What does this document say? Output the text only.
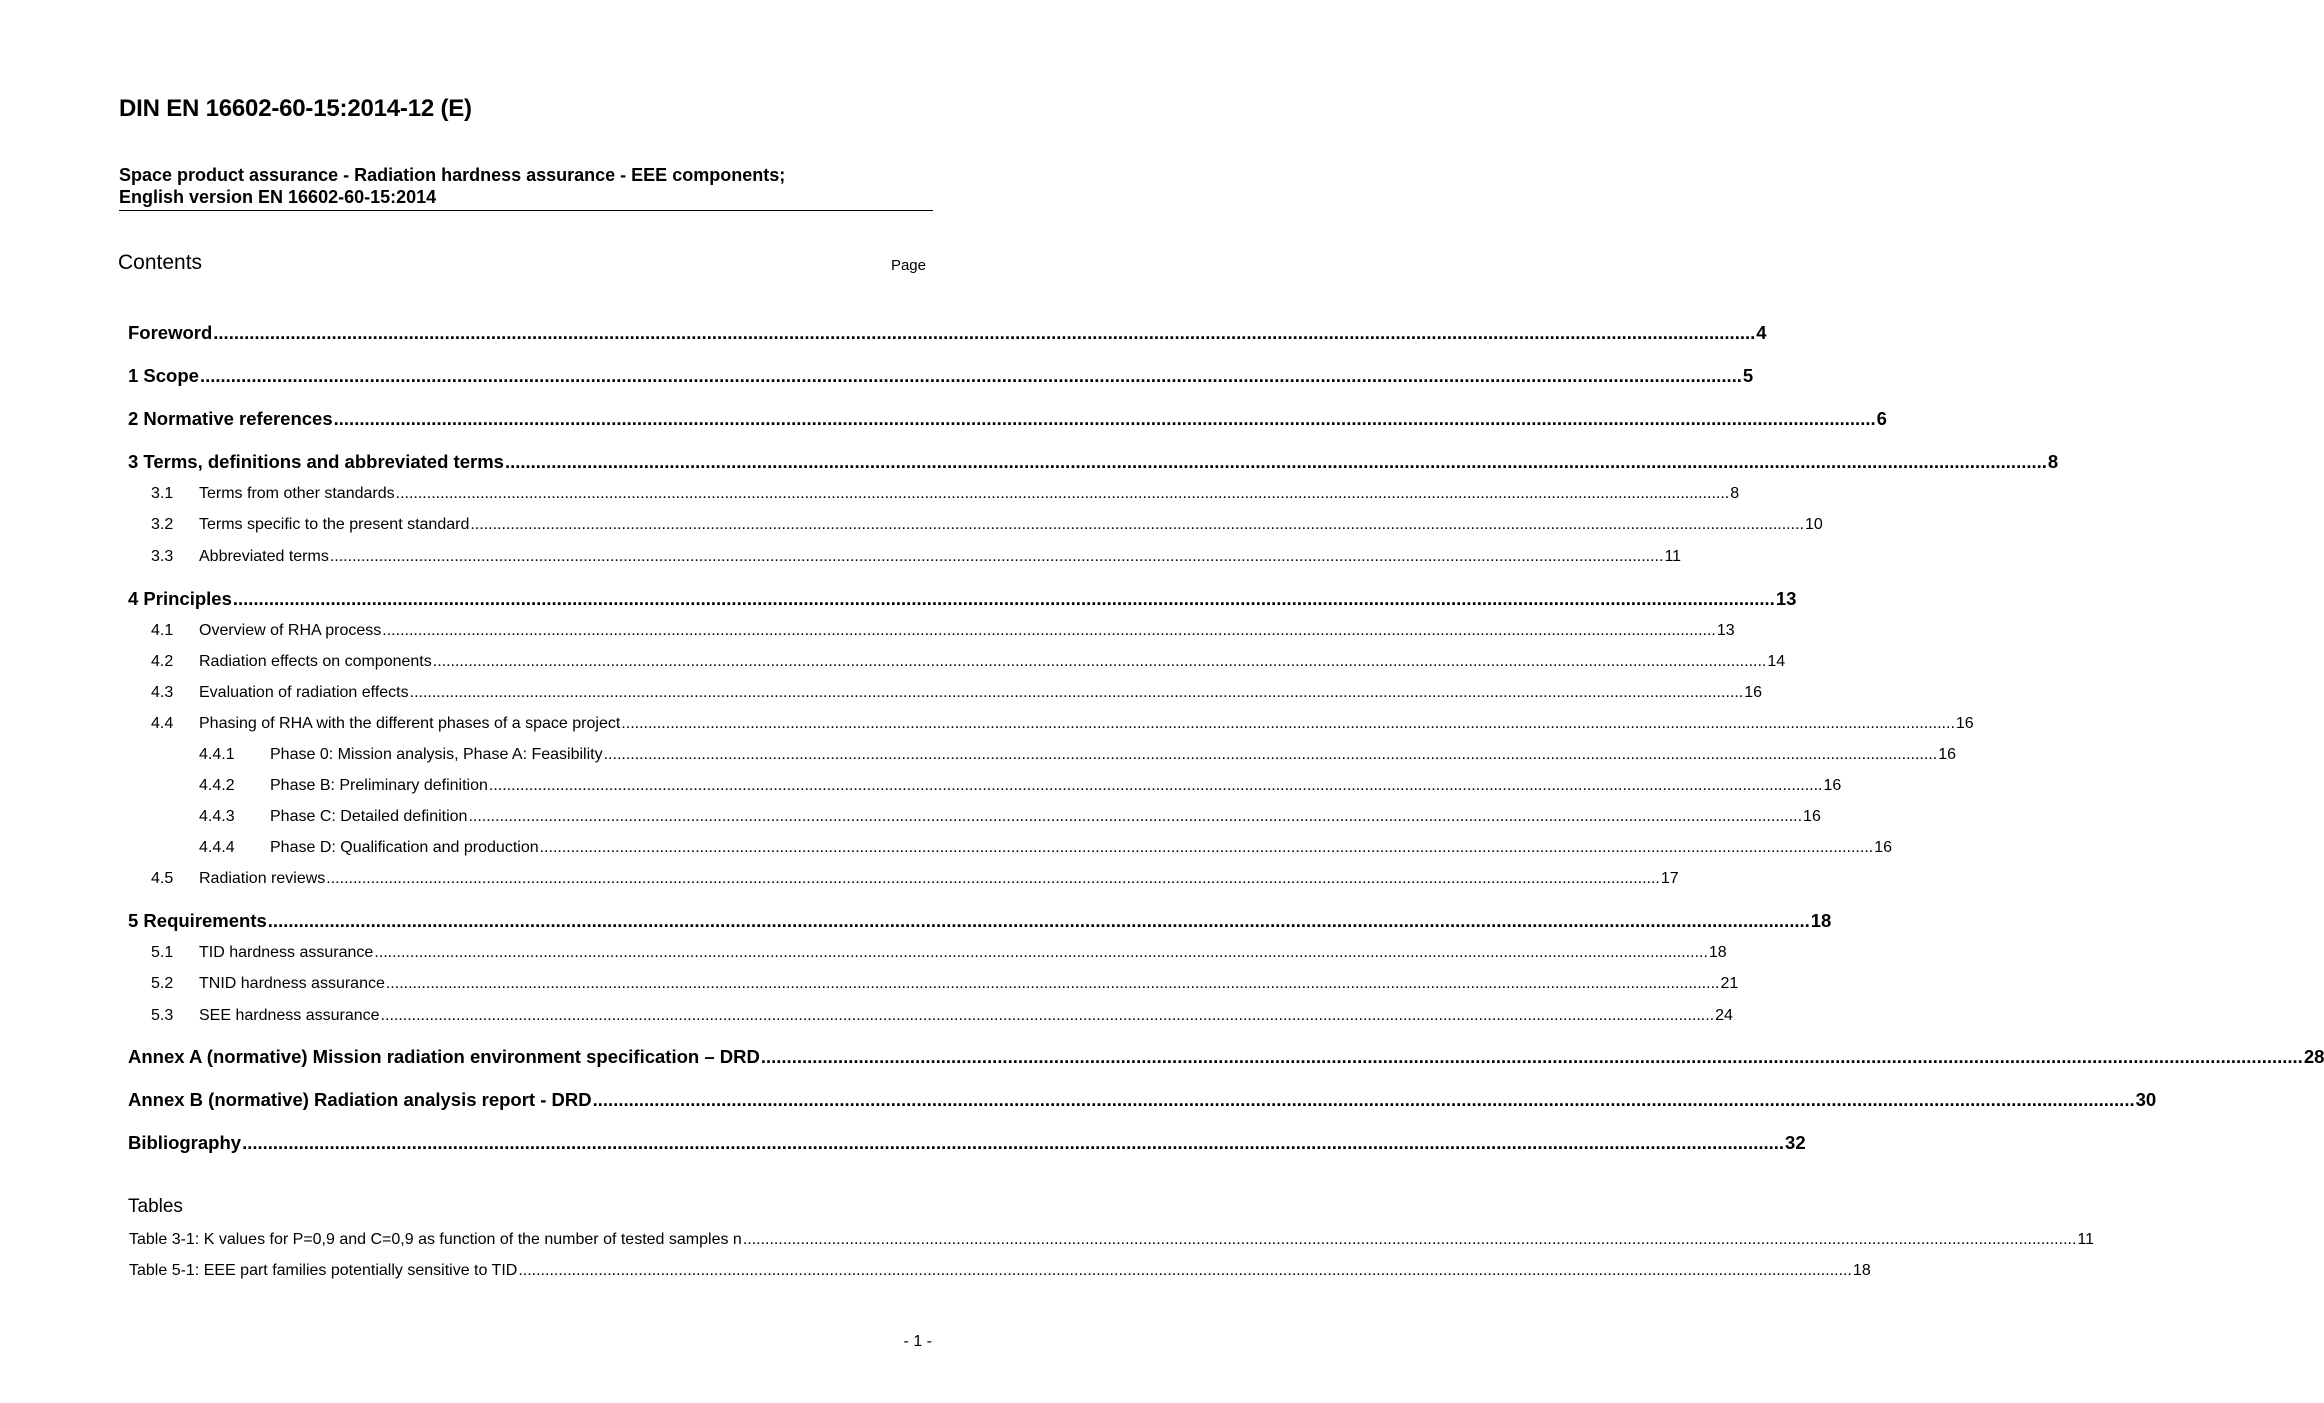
DIN EN 16602-60-15:2014-12 (E)
Space product assurance - Radiation hardness assurance - EEE components;
English version EN 16602-60-15:2014
Contents	Page
Foreword ............................................................................................................................................................................................................................................................................................................ 4
1 Scope ............................................................................................................................................................................................................................................................................................................ 5
2 Normative references ............................................................................................................................................................................................................................................................................................................ 6
3 Terms, definitions and abbreviated terms ............................................................................................................................................................................................................................................................................................................ 8
3.1	Terms from other standards ............................................................................................................................................................................................................................................................................................................ 8
3.2	Terms specific to the present standard ............................................................................................................................................................................................................................................................................................................ 10
3.3	Abbreviated terms ............................................................................................................................................................................................................................................................................................................ 11
4 Principles ............................................................................................................................................................................................................................................................................................................ 13
4.1	Overview of RHA process ............................................................................................................................................................................................................................................................................................................ 13
4.2	Radiation effects on components ............................................................................................................................................................................................................................................................................................................ 14
4.3	Evaluation of radiation effects ............................................................................................................................................................................................................................................................................................................ 16
4.4	Phasing of RHA with the different phases of a space project ............................................................................................................................................................................................................................................................................................................ 16
4.4.1	Phase 0: Mission analysis, Phase A: Feasibility ............................................................................................................................................................................................................................................................................................................ 16
4.4.2	Phase B: Preliminary definition ............................................................................................................................................................................................................................................................................................................ 16
4.4.3	Phase C: Detailed definition ............................................................................................................................................................................................................................................................................................................ 16
4.4.4	Phase D: Qualification and production ............................................................................................................................................................................................................................................................................................................ 16
4.5	Radiation reviews ............................................................................................................................................................................................................................................................................................................ 17
5 Requirements ............................................................................................................................................................................................................................................................................................................ 18
5.1	TID hardness assurance ............................................................................................................................................................................................................................................................................................................ 18
5.2	TNID hardness assurance ............................................................................................................................................................................................................................................................................................................ 21
5.3	SEE hardness assurance ............................................................................................................................................................................................................................................................................................................ 24
Annex A (normative) Mission radiation environment specification – DRD ............................................................................................................................................................................................................................................................................................................ 28
Annex B (normative) Radiation analysis report - DRD ............................................................................................................................................................................................................................................................................................................ 30
Bibliography ............................................................................................................................................................................................................................................................................................................ 32
Tables
Table 3-1: K values for P=0,9 and C=0,9 as function of the number of tested samples n ............................................................................................................................................................................................................................................................................................................ 11
Table 5-1: EEE part families potentially sensitive to TID ............................................................................................................................................................................................................................................................................................................ 18
- 1 -
